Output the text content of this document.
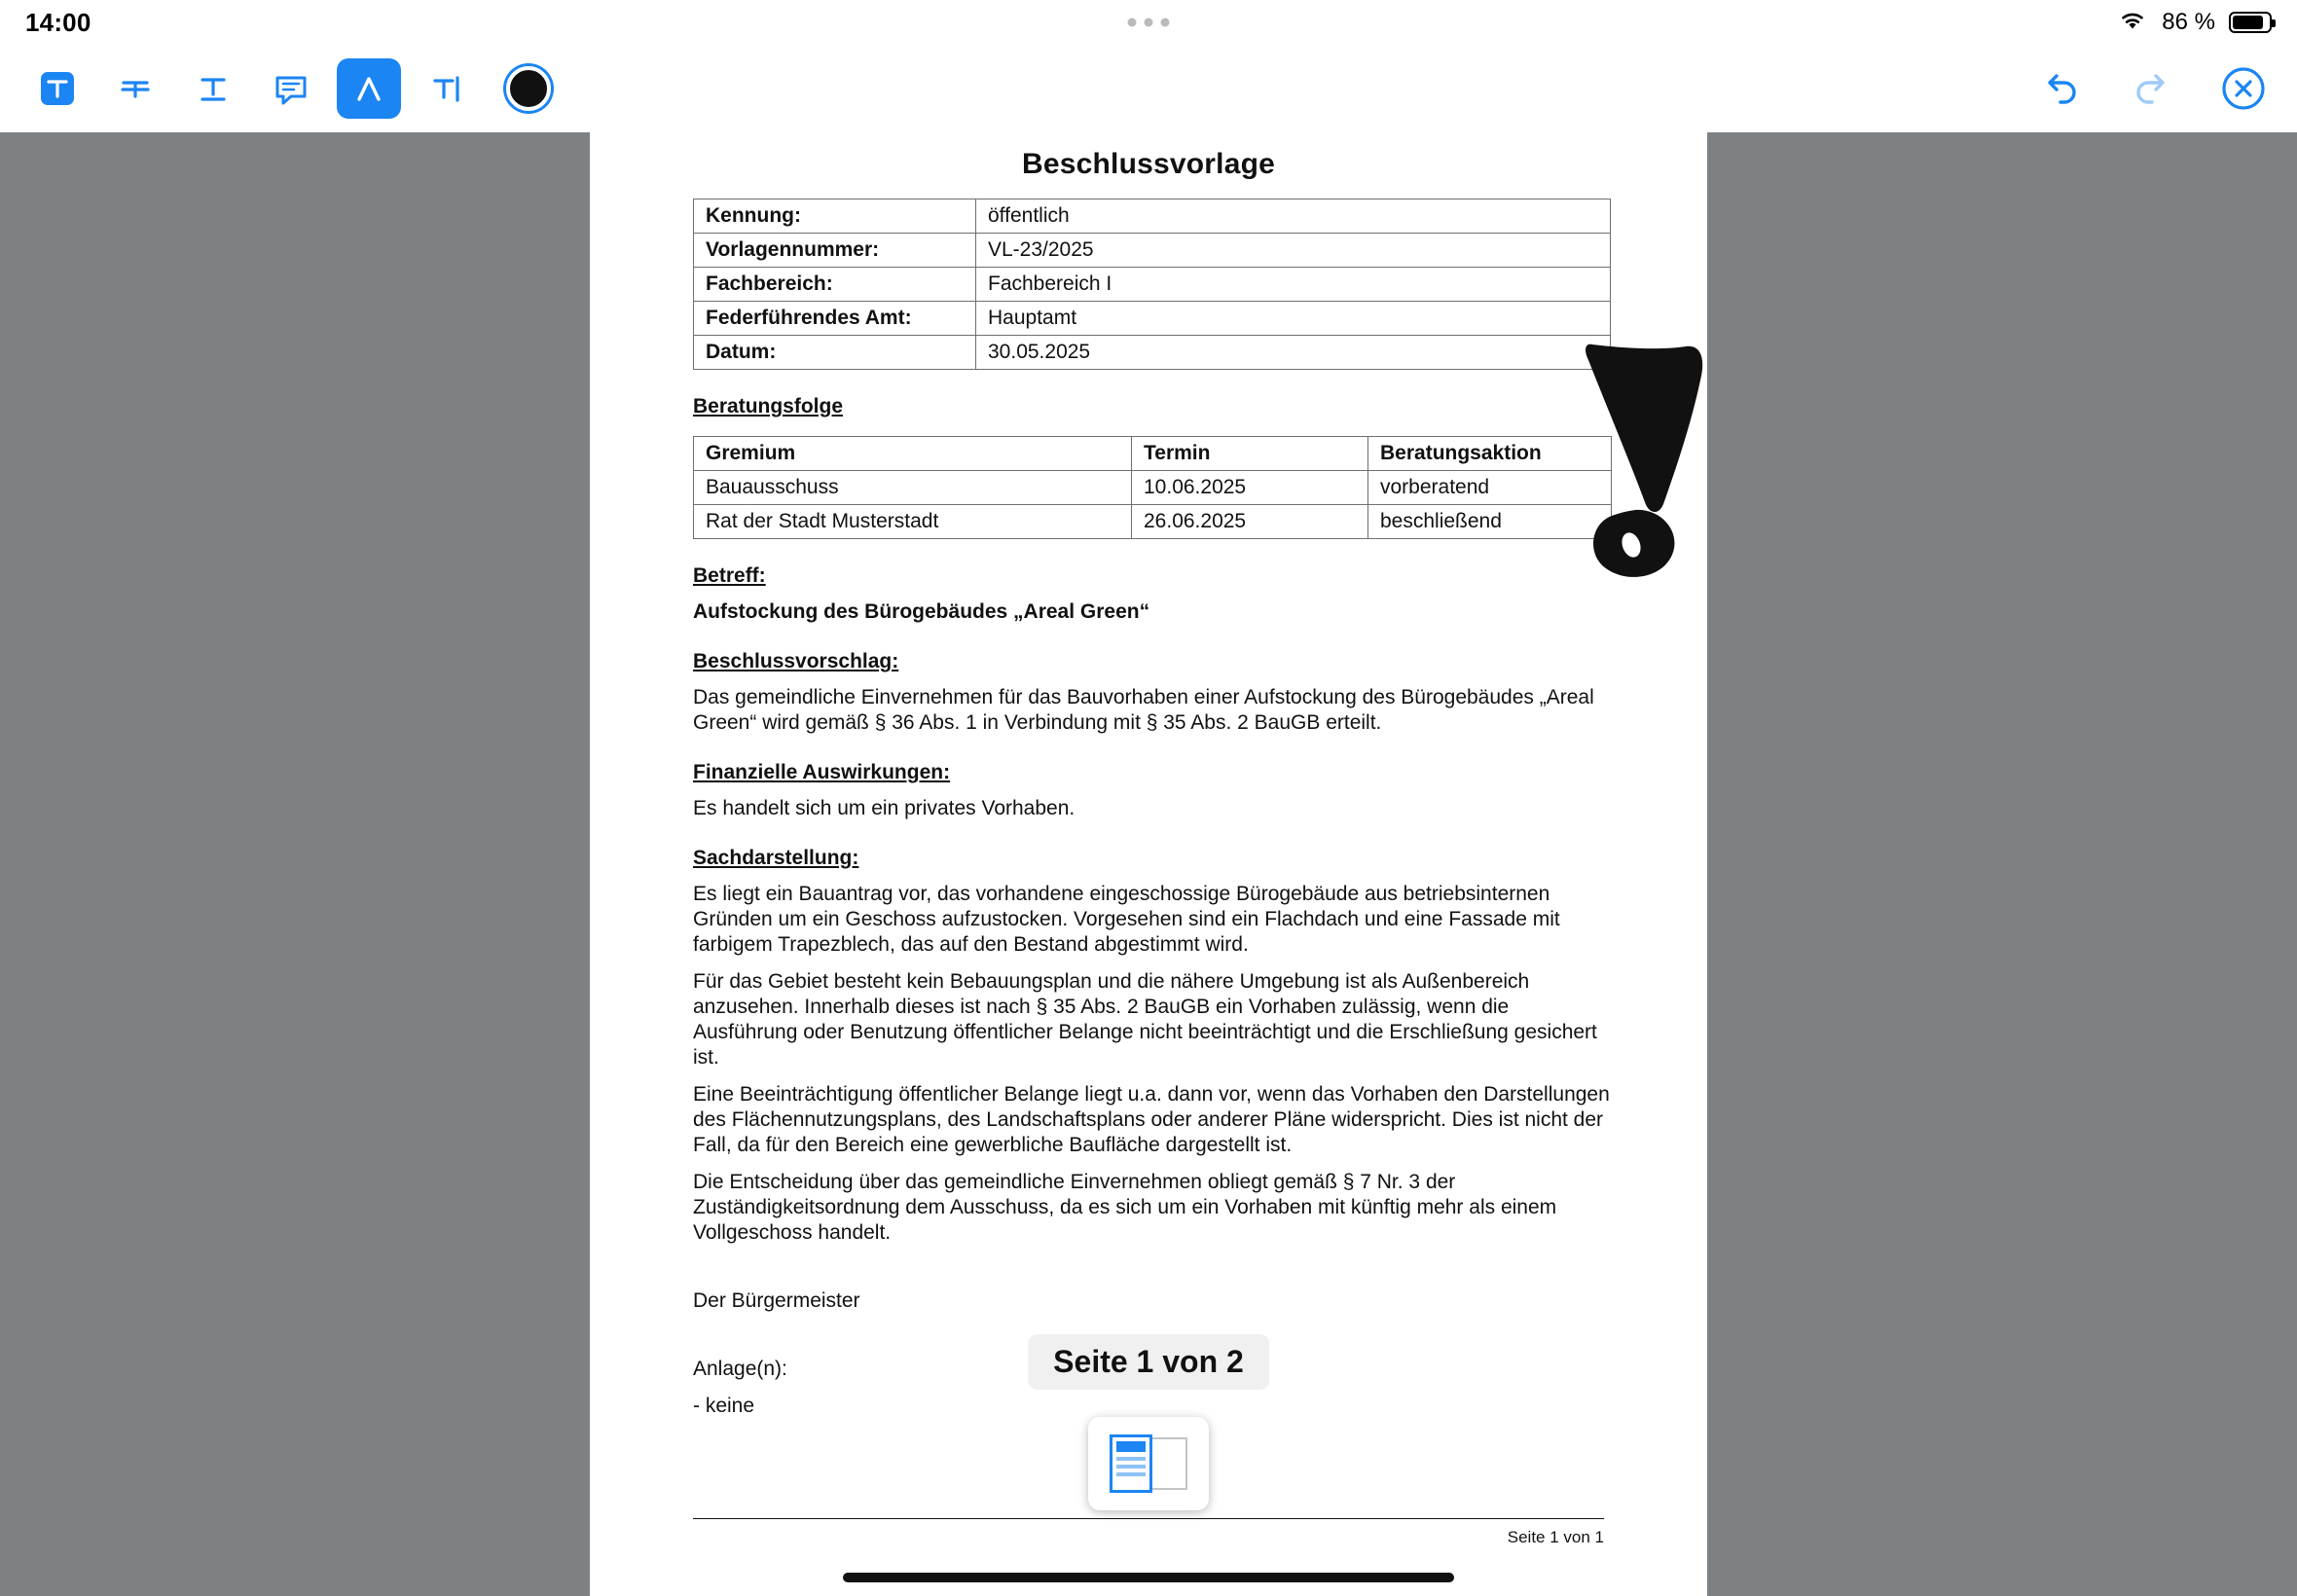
14:00	86 %
Beschlussvorlage
Kennung:	öffentlich
Vorlagennummer:	VL-23/2025
Fachbereich:	Fachbereich I
Federführendes Amt:	Hauptamt
Datum:	30.05.2025
Beratungsfolge
Gremium	Termin	Beratungsaktion
Bauausschuss	10.06.2025	vorberatend
Rat der Stadt Musterstadt	26.06.2025	beschließend
Betreff:

Aufstockung des Bürogebäudes „Areal Green“

Beschlussvorschlag:

Das gemeindliche Einvernehmen für das Bauvorhaben einer Aufstockung des Bürogebäudes „Areal Green“ wird gemäß § 36 Abs. 1 in Verbindung mit § 35 Abs. 2 BauGB erteilt.

Finanzielle Auswirkungen:

Es handelt sich um ein privates Vorhaben.

Sachdarstellung:

Es liegt ein Bauantrag vor, das vorhandene eingeschossige Bürogebäude aus betriebsinternen Gründen um ein Geschoss aufzustocken. Vorgesehen sind ein Flachdach und eine Fassade mit farbigem Trapezblech, das auf den Bestand abgestimmt wird.

Für das Gebiet besteht kein Bebauungsplan und die nähere Umgebung ist als Außenbereich anzusehen. Innerhalb dieses ist nach § 35 Abs. 2 BauGB ein Vorhaben zulässig, wenn die Ausführung oder Benutzung öffentlicher Belange nicht beeinträchtigt und die Erschließung gesichert ist.

Eine Beeinträchtigung öffentlicher Belange liegt u.a. dann vor, wenn das Vorhaben den Darstellungen des Flächennutzungsplans, des Landschaftsplans oder anderer Pläne widerspricht. Dies ist nicht der Fall, da für den Bereich eine gewerbliche Baufläche dargestellt ist.

Die Entscheidung über das gemeindliche Einvernehmen obliegt gemäß § 7 Nr. 3 der Zuständigkeitsordnung dem Ausschuss, da es sich um ein Vorhaben mit künftig mehr als einem Vollgeschoss handelt.

Der Bürgermeister

Anlage(n):

- keine

Seite 1 von 2
Seite 1 von 1
